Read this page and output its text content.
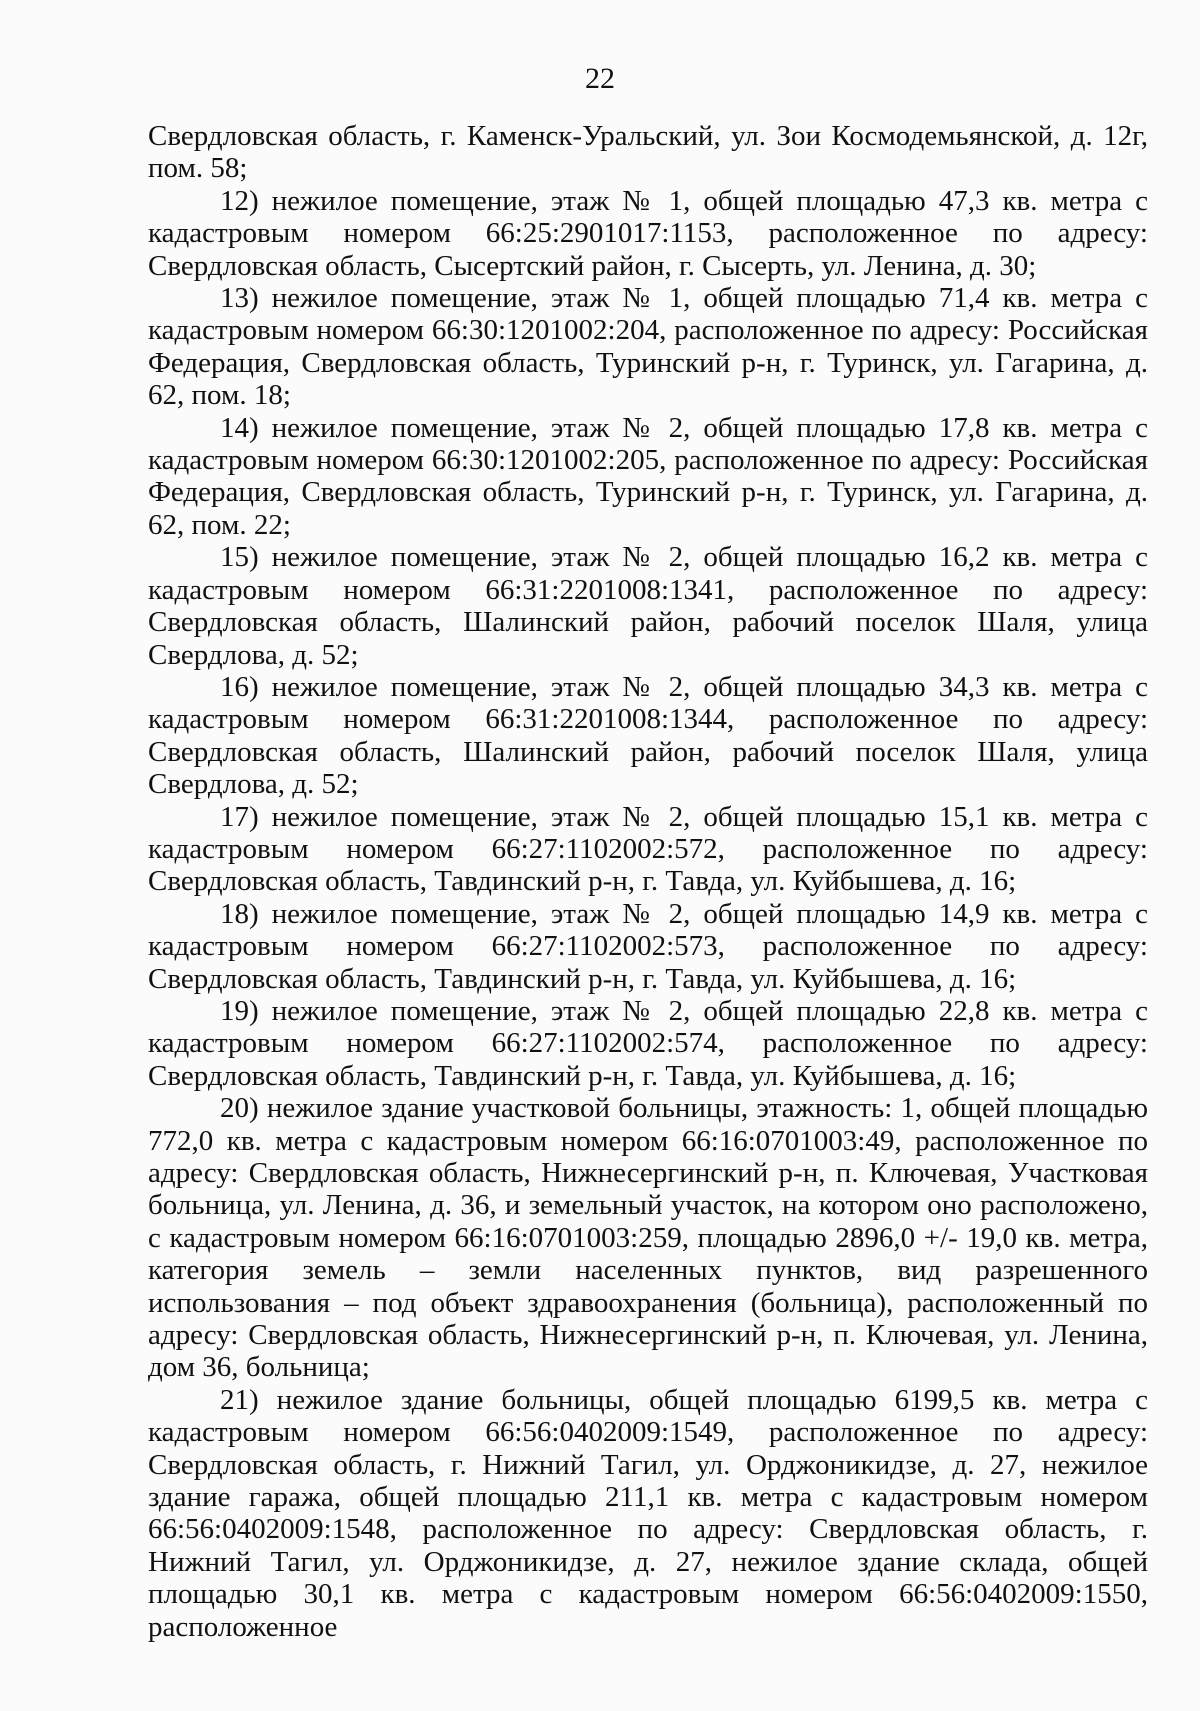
22

Свердловская область, г. Каменск-Уральский, ул. Зои Космодемьянской, д. 12г, пом. 58;

12) нежилое помещение, этаж № 1, общей площадью 47,3 кв. метра с кадастровым номером 66:25:2901017:1153, расположенное по адресу: Свердловская область, Сысертский район, г. Сысерть, ул. Ленина, д. 30;

13) нежилое помещение, этаж № 1, общей площадью 71,4 кв. метра с кадастровым номером 66:30:1201002:204, расположенное по адресу: Российская Федерация, Свердловская область, Туринский р-н, г. Туринск, ул. Гагарина, д. 62, пом. 18;

14) нежилое помещение, этаж № 2, общей площадью 17,8 кв. метра с кадастровым номером 66:30:1201002:205, расположенное по адресу: Российская Федерация, Свердловская область, Туринский р-н, г. Туринск, ул. Гагарина, д. 62, пом. 22;

15) нежилое помещение, этаж № 2, общей площадью 16,2 кв. метра с кадастровым номером 66:31:2201008:1341, расположенное по адресу: Свердловская область, Шалинский район, рабочий поселок Шаля, улица Свердлова, д. 52;

16) нежилое помещение, этаж № 2, общей площадью 34,3 кв. метра с кадастровым номером 66:31:2201008:1344, расположенное по адресу: Свердловская область, Шалинский район, рабочий поселок Шаля, улица Свердлова, д. 52;

17) нежилое помещение, этаж № 2, общей площадью 15,1 кв. метра с кадастровым номером 66:27:1102002:572, расположенное по адресу: Свердловская область, Тавдинский р-н, г. Тавда, ул. Куйбышева, д. 16;

18) нежилое помещение, этаж № 2, общей площадью 14,9 кв. метра с кадастровым номером 66:27:1102002:573, расположенное по адресу: Свердловская область, Тавдинский р-н, г. Тавда, ул. Куйбышева, д. 16;

19) нежилое помещение, этаж № 2, общей площадью 22,8 кв. метра с кадастровым номером 66:27:1102002:574, расположенное по адресу: Свердловская область, Тавдинский р-н, г. Тавда, ул. Куйбышева, д. 16;

20) нежилое здание участковой больницы, этажность: 1, общей площадью 772,0 кв. метра с кадастровым номером 66:16:0701003:49, расположенное по адресу: Свердловская область, Нижнесергинский р-н, п. Ключевая, Участковая больница, ул. Ленина, д. 36, и земельный участок, на котором оно расположено, с кадастровым номером 66:16:0701003:259, площадью 2896,0 +/- 19,0 кв. метра, категория земель – земли населенных пунктов, вид разрешенного использования – под объект здравоохранения (больница), расположенный по адресу: Свердловская область, Нижнесергинский р-н, п. Ключевая, ул. Ленина, дом 36, больница;

21) нежилое здание больницы, общей площадью 6199,5 кв. метра с кадастровым номером 66:56:0402009:1549, расположенное по адресу: Свердловская область, г. Нижний Тагил, ул. Орджоникидзе, д. 27, нежилое здание гаража, общей площадью 211,1 кв. метра с кадастровым номером 66:56:0402009:1548, расположенное по адресу: Свердловская область, г. Нижний Тагил, ул. Орджоникидзе, д. 27, нежилое здание склада, общей площадью 30,1 кв. метра с кадастровым номером 66:56:0402009:1550, расположенное
